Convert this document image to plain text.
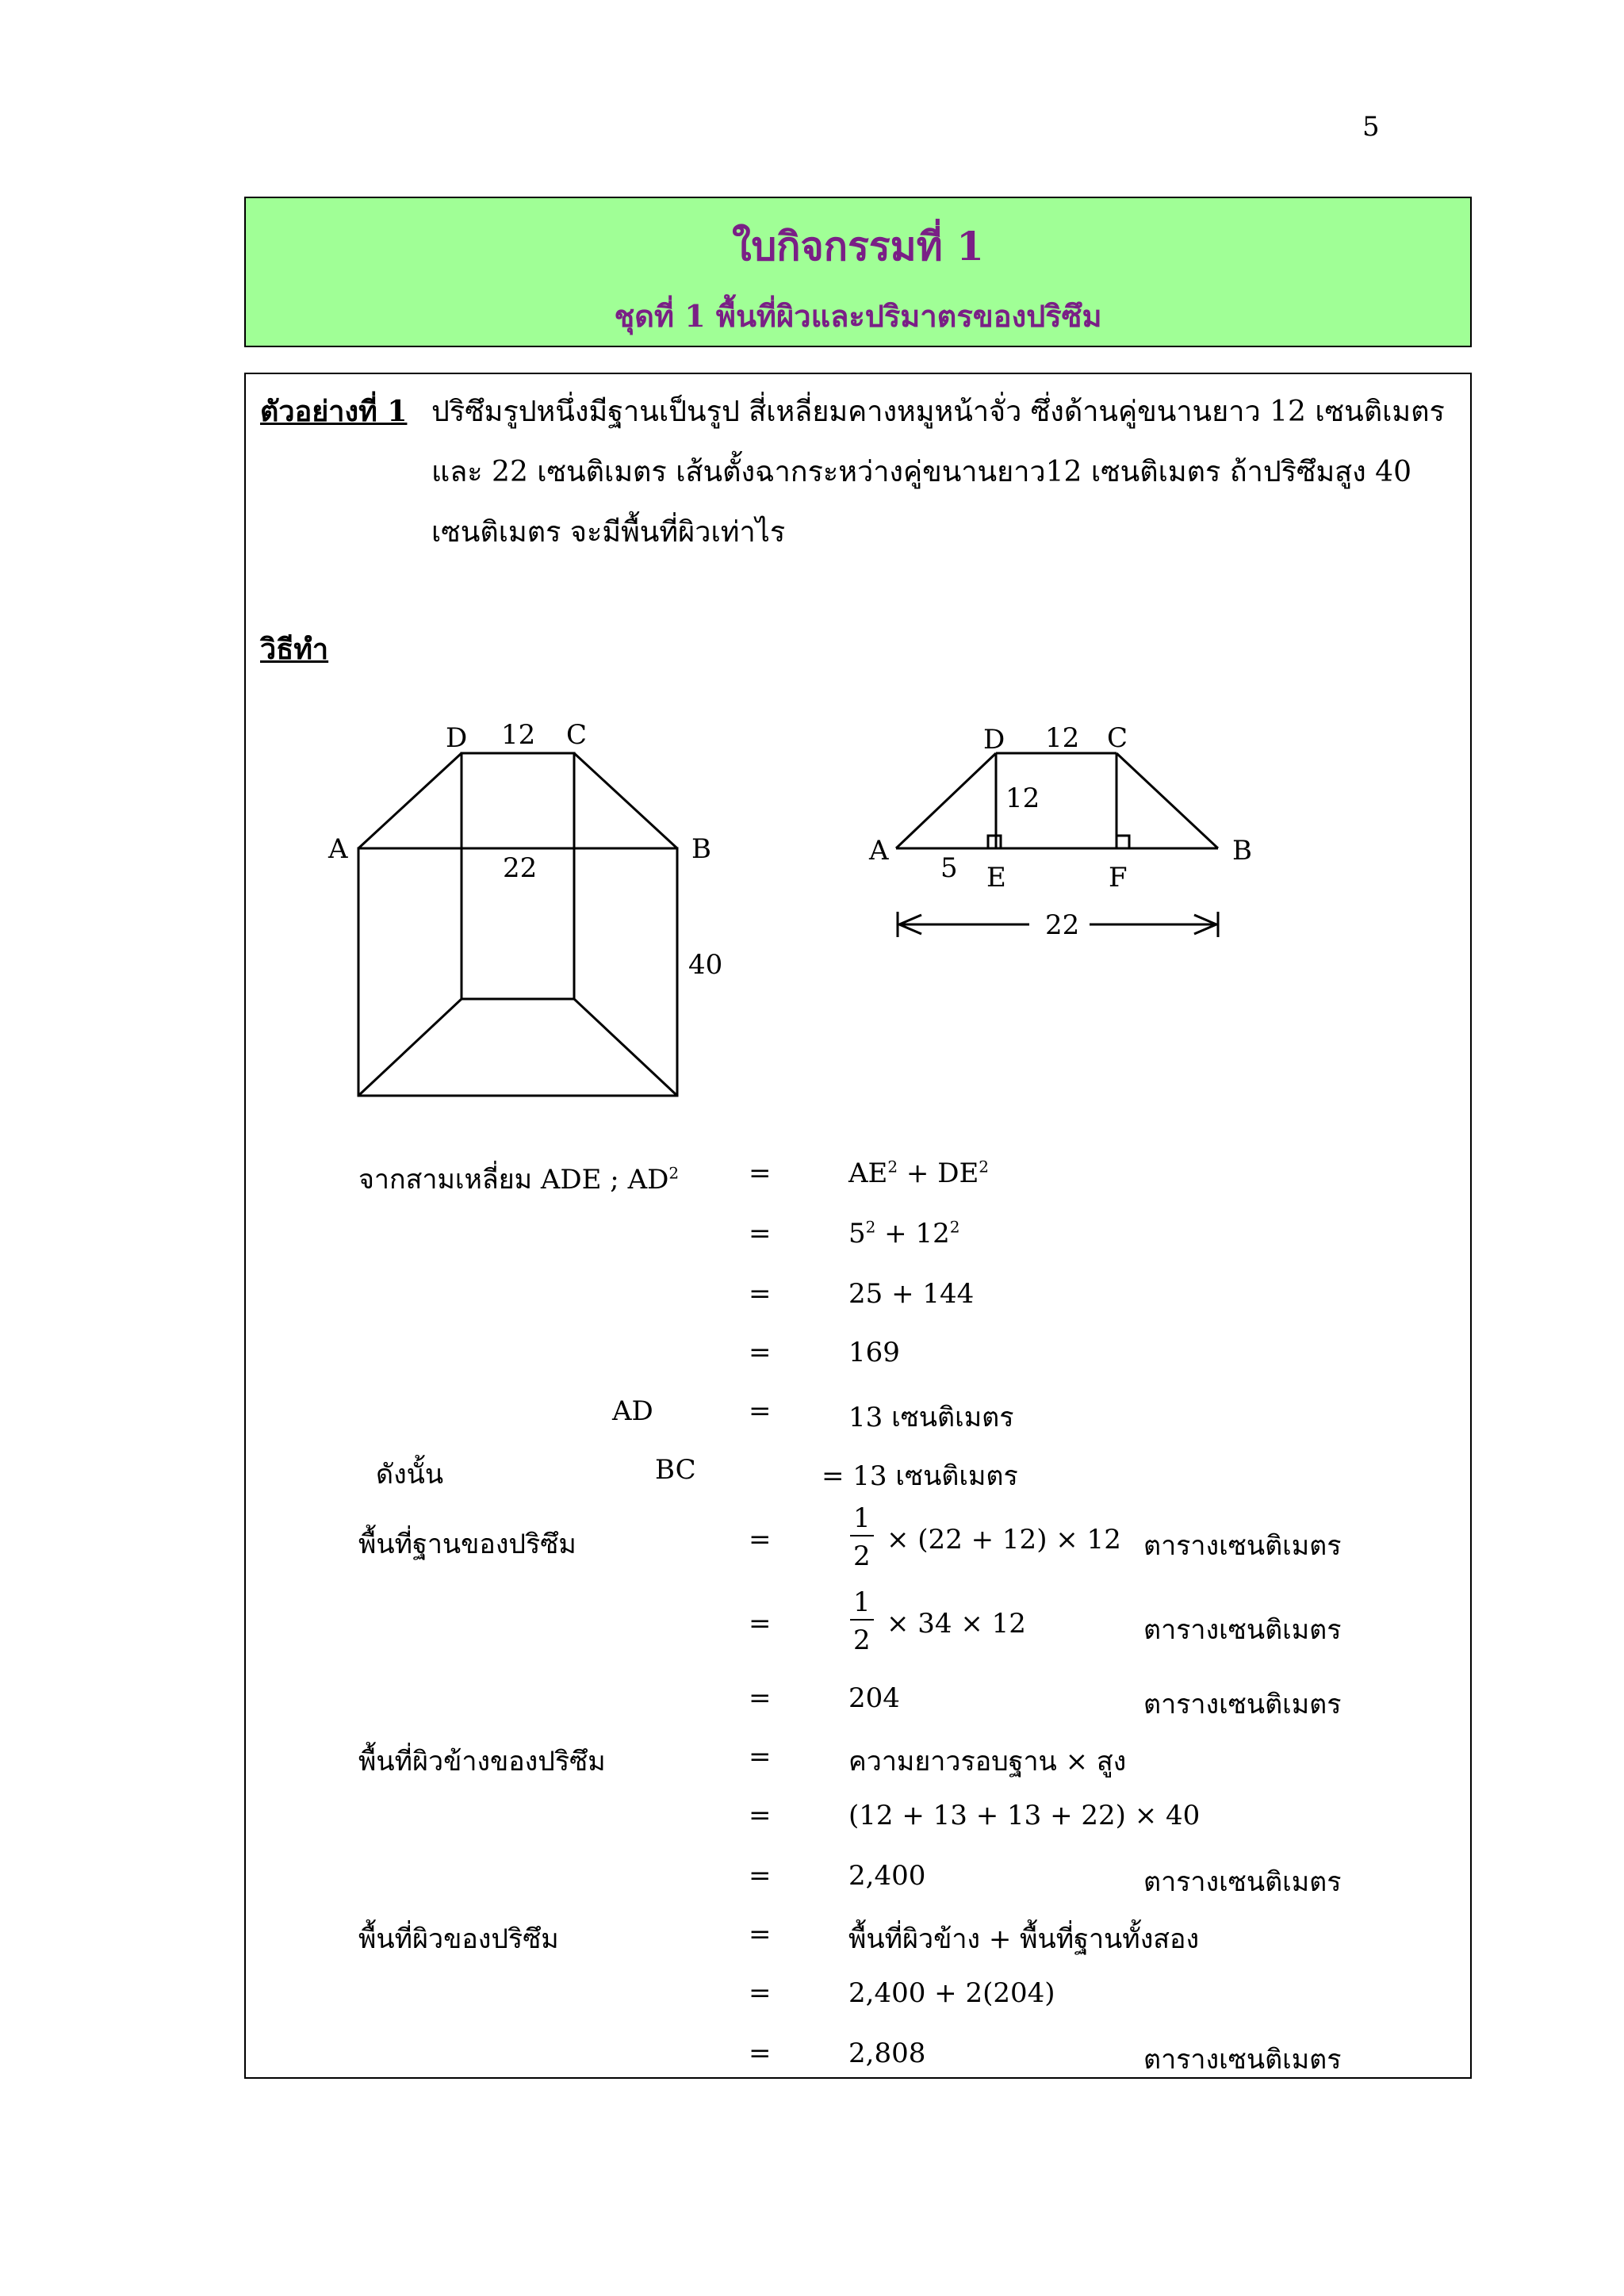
5
ใบกิจกรรมที่ 1
ชุดที่ 1 พื้นที่ผิวและปริมาตรของปริซึม
ตัวอย่างที่ 1 ปริซึมรูปหนึ่งมีฐานเป็นรูป สี่เหลี่ยมคางหมูหน้าจั่ว ซึ่งด้านคู่ขนานยาว 12 เซนติเมตร
และ 22 เซนติเมตร เส้นตั้งฉากระหว่างคู่ขนานยาว12 เซนติเมตร ถ้าปริซึมสูง 40
เซนติเมตร จะมีพื้นที่ผิวเท่าไร
วิธีทำ
D 12 C
A	B
22
40
D 12 C
12
A	B
5 E	F
22
จากสามเหลี่ยม ADE ; $AD^2$	=	$AE^2 + DE^2$
=	$5^2 + 12^2$
=	25 + 144
=	169
AD	=	13 เซนติเมตร
ดังนั้น	BC	= 13 เซนติเมตร
พื้นที่ฐานของปริซึม	=	$\frac{1}{2} \times (22 + 12) \times 12$ ตารางเซนติเมตร
=	$\frac{1}{2} \times 34 \times 12$	ตารางเซนติเมตร
=	204	ตารางเซนติเมตร
พื้นที่ผิวข้างของปริซึม	=	ความยาวรอบฐาน × สูง
=	(12 + 13 + 13 + 22) × 40
=	2,400	ตารางเซนติเมตร
พื้นที่ผิวของปริซึม	=	พื้นที่ผิวข้าง + พื้นที่ฐานทั้งสอง
=	2,400 + 2(204)
=	2,808	ตารางเซนติเมตร
